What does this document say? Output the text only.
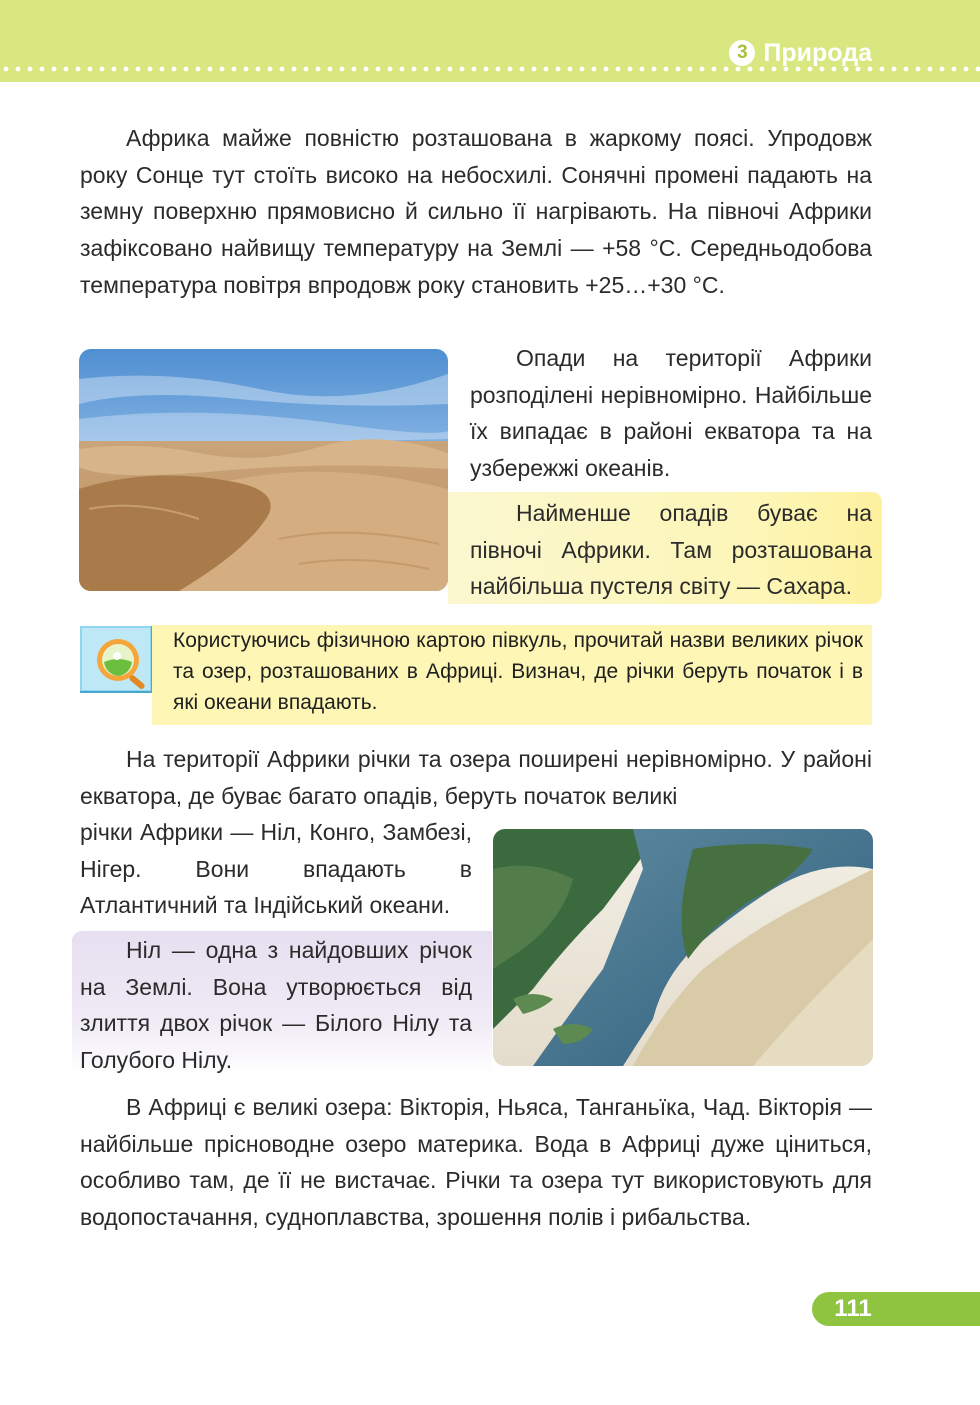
3 Природа

Африка майже повністю розташована в жаркому поясі. Упродовж року Сонце тут стоїть високо на небосхилі. Сонячні промені падають на земну поверхню прямовисно й сильно її нагрівають. На півночі Африки зафіксовано найвищу температуру на Землі — +58 °С. Середньодобова температура повітря впродовж року становить +25…+30 °С.

Опади на території Африки розподілені нерівномірно. Найбільше їх випадає в районі екватора та на узбережжі океанів.

Найменше опадів буває на півночі Африки. Там розташована найбільша пустеля світу — Сахара.

Користуючись фізичною картою півкуль, прочитай назви великих річок та озер, розташованих в Африці. Визнач, де річки беруть початок і в які океани впадають.

На території Африки річки та озера поширені нерівномірно. У районі екватора, де буває багато опадів, беруть початок великі

річки Африки — Ніл, Конго, Замбезі, Нігер. Вони впадають в Атлантичний та Індійський океани.

Ніл — одна з найдовших річок на Землі. Вона утворюється від злиття двох річок — Білого Нілу та Голубого Нілу.

В Африці є великі озера: Вікторія, Ньяса, Танганьїка, Чад. Вікторія — найбільше прісноводне озеро материка. Вода в Африці дуже цiниться, особливо там, де її не вистачає. Річки та озера тут використовують для водопостачання, судноплавства, зрошення полів і рибальства.

111
